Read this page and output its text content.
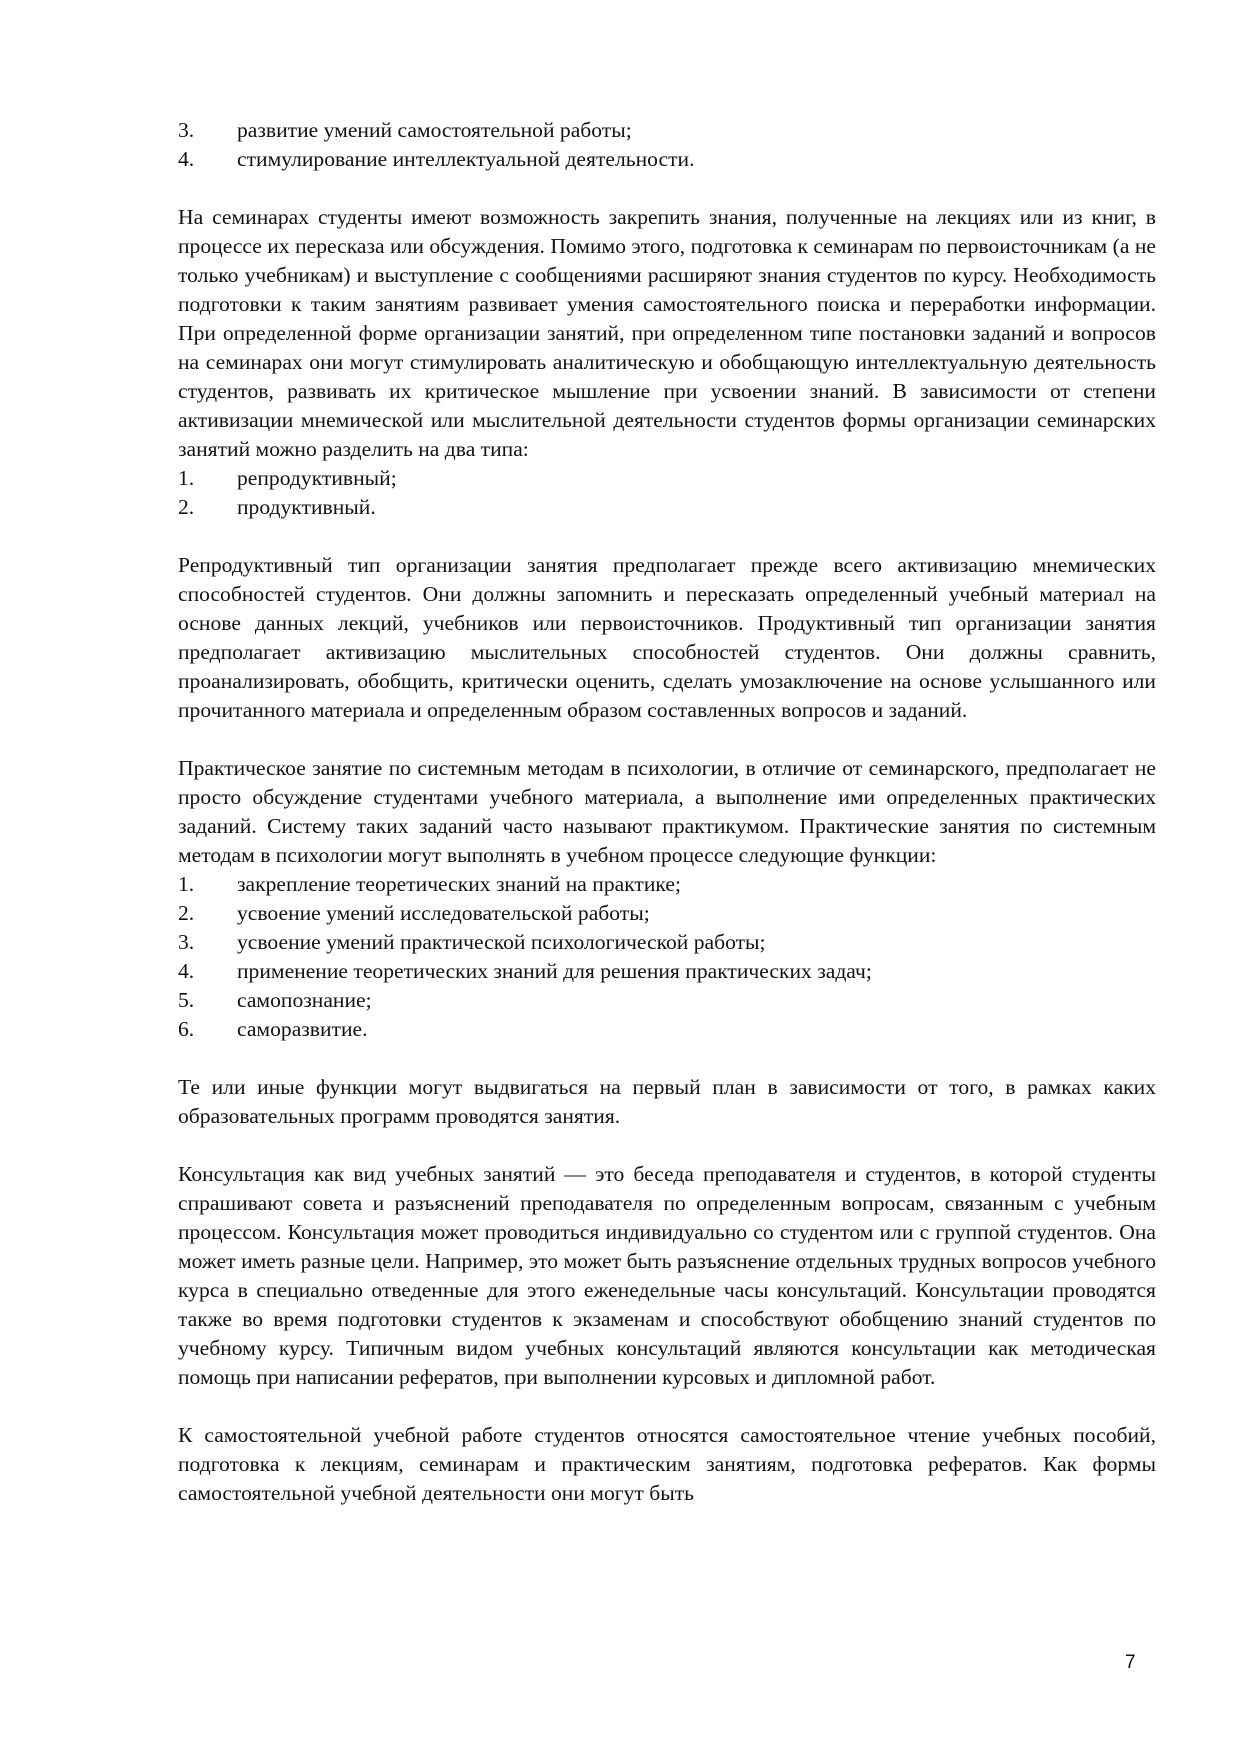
3. развитие умений самостоятельной работы;
4. стимулирование интеллектуальной деятельности.

На семинарах студенты имеют возможность закрепить знания, полученные на лекциях или из книг, в процессе их пересказа или обсуждения. Помимо этого, подготовка к семинарам по первоисточникам (а не только учебникам) и выступление с сообщениями расширяют знания студентов по курсу. Необходимость подготовки к таким занятиям развивает умения самостоятельного поиска и переработки информации. При определенной форме организации занятий, при определенном типе постановки заданий и вопросов на семинарах они могут стимулировать аналитическую и обобщающую интеллектуальную деятельность студентов, развивать их критическое мышление при усвоении знаний. В зависимости от степени активизации мнемической или мыслительной деятельности студентов формы организации семинарских занятий можно разделить на два типа:

1. репродуктивный;
2. продуктивный.

Репродуктивный тип организации занятия предполагает прежде всего активизацию мнемических способностей студентов. Они должны запомнить и пересказать определенный учебный материал на основе данных лекций, учебников или первоисточников. Продуктивный тип организации занятия предполагает активизацию мыслительных способностей студентов. Они должны сравнить, проанализировать, обобщить, критически оценить, сделать умозаключение на основе услышанного или прочитанного материала и определенным образом составленных вопросов и заданий.

Практическое занятие по системным методам в психологии, в отличие от семинарского, предполагает не просто обсуждение студентами учебного материала, а выполнение ими определенных практических заданий. Систему таких заданий часто называют практикумом. Практические занятия по системным методам в психологии могут выполнять в учебном процессе следующие функции:

1. закрепление теоретических знаний на практике;
2. усвоение умений исследовательской работы;
3. усвоение умений практической психологической работы;
4. применение теоретических знаний для решения практических задач;
5. самопознание;
6. саморазвитие.

Те или иные функции могут выдвигаться на первый план в зависимости от того, в рамках каких образовательных программ проводятся занятия.

Консультация как вид учебных занятий — это беседа преподавателя и студентов, в которой студенты спрашивают совета и разъяснений преподавателя по определенным вопросам, связанным с учебным процессом. Консультация может проводиться индивидуально со студентом или с группой студентов. Она может иметь разные цели. Например, это может быть разъяснение отдельных трудных вопросов учебного курса в специально отведенные для этого еженедельные часы консультаций. Консультации проводятся также во время подготовки студентов к экзаменам и способствуют обобщению знаний студентов по учебному курсу. Типичным видом учебных консультаций являются консультации как методическая помощь при написании рефератов, при выполнении курсовых и дипломной работ.

К самостоятельной учебной работе студентов относятся самостоятельное чтение учебных пособий, подготовка к лекциям, семинарам и практическим занятиям, подготовка рефератов. Как формы самостоятельной учебной деятельности они могут быть

7
